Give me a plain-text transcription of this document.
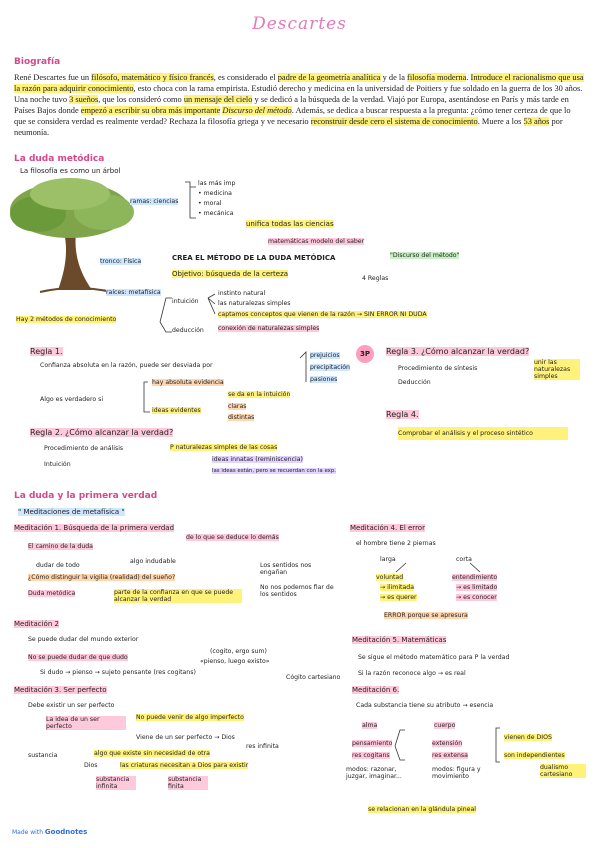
Descartes
Biografía
René Descartes fue un filósofo, matemático y físico francés, es considerado el padre de la geometría analítica y de la filosofía moderna. Introduce el racionalismo que usa la razón para adquirir conocimiento, esto choca con la rama empirista. Estudió derecho y medicina en la universidad de Poitiers y fue soldado en la guerra de los 30 años. Una noche tuvo 3 sueños, que los consideró como un mensaje del cielo y se dedicó a la búsqueda de la verdad. Viajó por Europa, asentándose en París y más tarde en Países Bajos donde empezó a escribir su obra más importante Discurso del método. Además, se dedica a buscar respuesta a la pregunta: ¿cómo tener certeza de que lo que se considera verdad es realmente verdad? Rechaza la filosofía griega y ve necesario reconstruir desde cero el sistema de conocimiento. Muere a los 53 años por neumonía.
La duda metódica
La filosofía es como un árbol
ramas: ciencias
las más imp
• medicina
• moral
• mecánica
tronco: Física
raíces: metafísica
unifica todas las ciencias
matemáticas modelo del saber
CREA EL MÉTODO DE LA DUDA METÓDICA	"Discurso del método"
Objetivo: búsqueda de la certeza
4 Reglas
Hay 2 métodos de conocimiento
intuición
instinto natural
las naturalezas simples
captamos conceptos que vienen de la razón → SIN ERROR NI DUDA
deducción conexión de naturalezas simples
Regla 1.
Confianza absoluta en la razón, puede ser desviada por
prejuicios
precipitación
pasiones
3P
Algo es verdadero si
hay absoluta evidencia
se da en la intuición
ideas evidentes
claras
distintas
Regla 2. ¿Cómo alcanzar la verdad?
Procedimiento de análisis	P naturalezas simples de las cosas
ideas innatas (reminiscencia)
las ideas están, pero se recuerdan con la exp.
Intuición
Regla 3. ¿Cómo alcanzar la verdad?
Procedimiento de síntesis
unir las naturalezas simples
Deducción
Regla 4.
Comprobar el análisis y el proceso sintético
La duda y la primera verdad
" Meditaciones de metafísica "
Meditación 1. Búsqueda de la primera verdad
de lo que se deduce lo demás
El camino de la duda
dudar de todo
algo indudable
Los sentidos nos engañan
¿Cómo distinguir la vigilia (realidad) del sueño?
No nos podemos fiar de los sentidos
Duda metódica	parte de la confianza en que se puede alcanzar la verdad
Meditación 2
Se puede dudar del mundo exterior
No se puede dudar de que dudo
(cogito, ergo sum)
«pienso, luego existo»
Si dudo → pienso → sujeto pensante (res cogitans)
Cógito cartesiano
Meditación 3. Ser perfecto
Debe existir un ser perfecto
La idea de un ser perfecto
No puede venir de algo imperfecto
Viene de un ser perfecto → Dios
res infinita
sustancia	algo que existe sin necesidad de otra
Dios	las criaturas necesitan a Dios para existir
substancia infinita
substancia finita
Meditación 4. El error
el hombre tiene 2 piernas
larga	corta
voluntad
→ ilimitada
→ es querer
entendimiento
→ es limitado
→ es conocer
ERROR porque se apresura
Meditación 5. Matemáticas
Se sigue el método matemático para P la verdad
Si la razón reconoce algo → es real
Meditación 6.
Cada substancia tiene su atributo → esencia
alma
pensamiento
res cogitans
modos: razonar, juzgar, imaginar...
cuerpo
extensión
res extensa
modos: figura y movimiento
vienen de DIOS
son independientes
dualismo cartesiano
se relacionan en la glándula pineal
Made with Goodnotes
